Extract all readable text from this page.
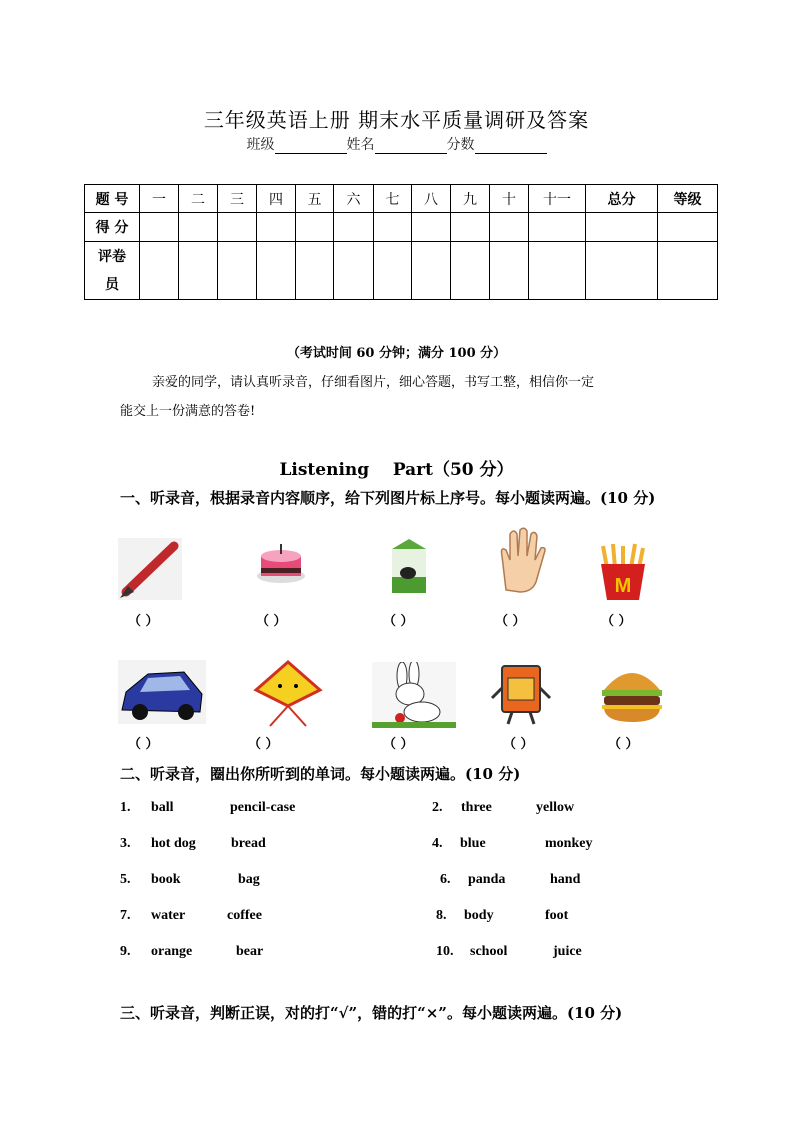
三年级英语上册 期末水平质量调研及答案
班级	姓名	分数
题 号	一	二	三	四	五	六	七	八	九	十	十一	总分	等级
得 分													
评卷
员													
（考试时间 60 分钟；满分 100 分）
亲爱的同学，请认真听录音，仔细看图片，细心答题，书写工整，相信你一定
能交上一份满意的答卷!
Listening    Part（50 分）
一、听录音，根据录音内容顺序，给下列图片标上序号。每小题读两遍。(10 分)
M
（ ）	（ ）	（ ）	（ ）	（ ）
（ ）	（ ）	（ ）	（ ）	（ ）
二、听录音，圈出你所听到的单词。每小题读两遍。(10 分)
1. ball	pencil-case	2. three	yellow
3. hot dog	bread	4. blue	monkey
5. book	bag	6. panda	hand
7. water	coffee	8. body	foot
9. orange	bear	10. school	juice
三、听录音，判断正误，对的打“√”，错的打“×”。每小题读两遍。(10 分)
